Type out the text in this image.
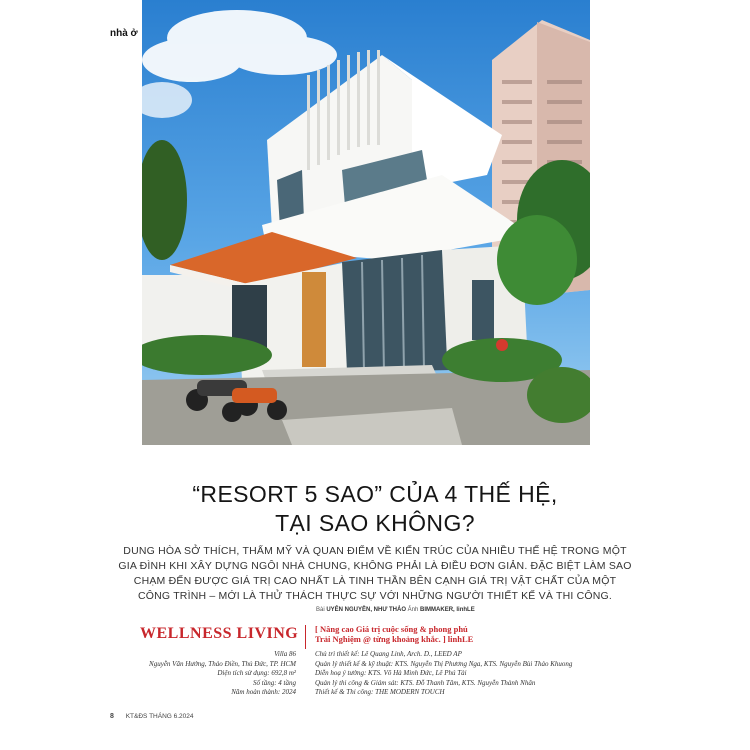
nhà ở
“RESORT 5 SAO” CỦA 4 THẾ HỆ,
TẠI SAO KHÔNG?
DUNG HÒA SỞ THÍCH, THẨM MỸ VÀ QUAN ĐIỂM VỀ KIẾN TRÚC CỦA NHIỀU THẾ HỆ TRONG MỘT GIA ĐÌNH KHI XÂY DỰNG NGÔI NHÀ CHUNG, KHÔNG PHẢI LÀ ĐIỀU ĐƠN GIẢN. ĐẶC BIỆT LÀM SAO CHẠM ĐẾN ĐƯỢC GIÁ TRỊ CAO NHẤT LÀ TINH THẦN BÊN CẠNH GIÁ TRỊ VẬT CHẤT CỦA MỘT CÔNG TRÌNH – MỚI LÀ THỬ THÁCH THỰC SỰ VỚI NHỮNG NGƯỜI THIẾT KẾ VÀ THI CÔNG.
Bài UYÊN NGUYỄN, NHƯ THẢO Ảnh BIMMAKER, linhLE
WELLNESS LIVING [ Nâng cao Giá trị cuộc sống & phong phú
Trải Nghiệm @ từng khoảng khắc. ] linhLE
Villa 86
Nguyễn Văn Hưởng, Thảo Điền, Thủ Đức, TP. HCM
Diện tích sử dụng: 692,8 m²
Số tầng: 4 tầng
Năm hoàn thành: 2024
Chủ trì thiết kế: Lê Quang Linh, Arch. D., LEED AP
Quản lý thiết kế & kỹ thuật: KTS. Nguyễn Thị Phương Nga, KTS. Nguyễn Bùi Thảo Khuong
Diễn hoạ ý tưởng: KTS. Võ Hà Minh Đức, Lê Phú Tài
Quản lý thi công & Giám sát: KTS. Đỗ Thanh Tâm, KTS. Nguyễn Thành Nhân
Thiết kế & Thi công: THE MODERN TOUCH
8 KT&ĐS THÁNG 6.2024
